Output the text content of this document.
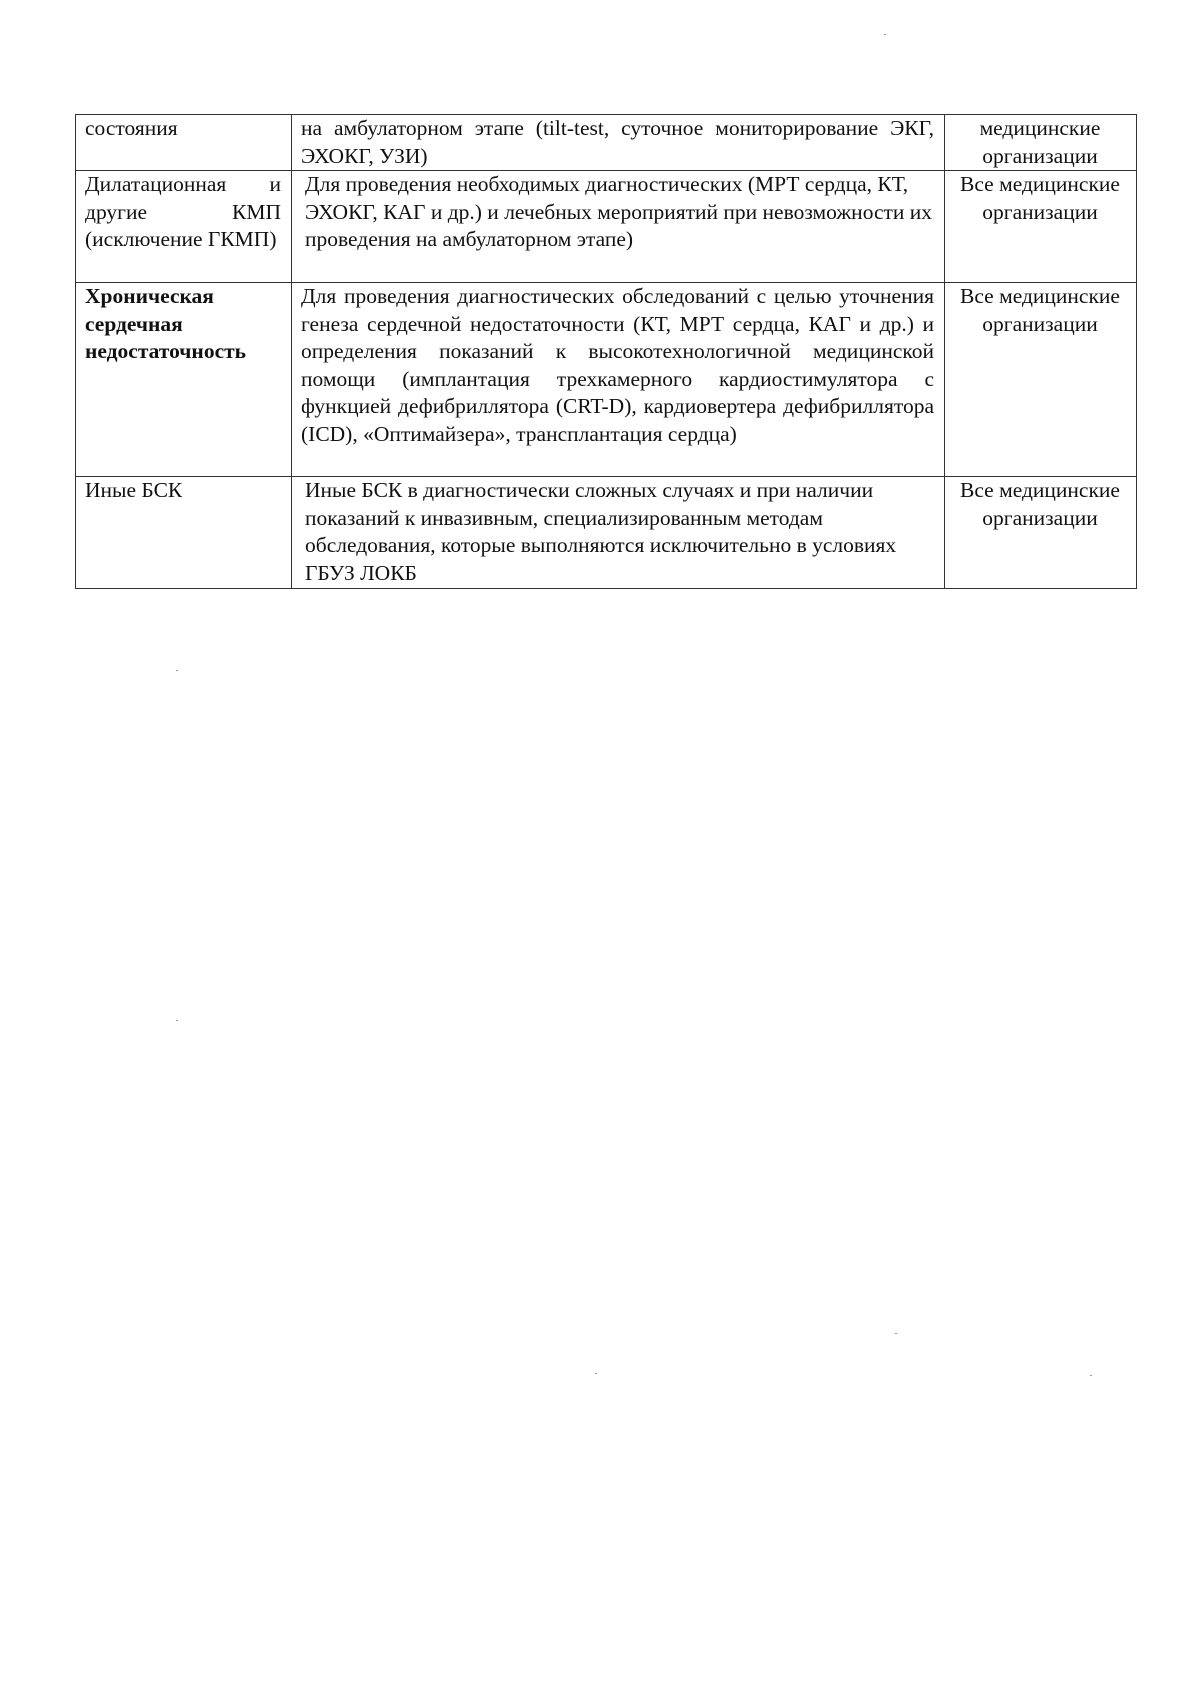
состояния	на амбулаторном этапе (tilt-test, суточное мониторирование ЭКГ, ЭХОКГ, УЗИ)	медицинские организации

Дилатационная и другие КМП (исключение ГКМП)	Для проведения необходимых диагностических (МРТ сердца, КТ, ЭХОКГ, КАГ и др.) и лечебных мероприятий при невозможности их проведения на амбулаторном этапе)	Все медицинские организации

Хроническая сердечная недостаточность	Для проведения диагностических обследований с целью уточнения генеза сердечной недостаточности (КТ, МРТ сердца, КАГ и др.) и определения показаний к высокотехнологичной медицинской помощи (имплантация трехкамерного кардиостимулятора с функцией дефибриллятора (CRT-D), кардиовертера дефибриллятора (ICD), «Оптимайзера», трансплантация сердца)	Все медицинские организации

Иные БСК	Иные БСК в диагностически сложных случаях и при наличии показаний к инвазивным, специализированным методам обследования, которые выполняются исключительно в условиях ГБУЗ ЛОКБ	Все медицинские организации
